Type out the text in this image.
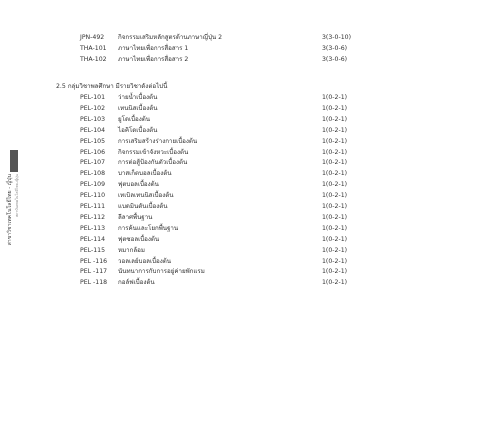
สาขาวิชาเทคโนโลยีไทย - ญี่ปุ่น สถาบันเทคโนโลยีไทย-ญี่ปุ่น
JPN-492 กิจกรรมเสริมหลักสูตรด้านภาษาญี่ปุ่น 2	3(3-0-10)
THA-101 ภาษาไทยเพื่อการสื่อสาร 1	3(3-0-6)
THA-102 ภาษาไทยเพื่อการสื่อสาร 2	3(3-0-6)
2.5 กลุ่มวิชาพลศึกษา มีรายวิชาดังต่อไปนี้
PEL-101 ว่ายน้ำเบื้องต้น	1(0-2-1)
PEL-102 เทนนิสเบื้องต้น	1(0-2-1)
PEL-103 ยูโดเบื้องต้น	1(0-2-1)
PEL-104 ไอคิโดเบื้องต้น	1(0-2-1)
PEL-105 การเสริมสร้างร่างกายเบื้องต้น	1(0-2-1)
PEL-106 กิจกรรมเข้าจังหวะเบื้องต้น	1(0-2-1)
PEL-107 การต่อสู้ป้องกันตัวเบื้องต้น	1(0-2-1)
PEL-108 บาสเก็ตบอลเบื้องต้น	1(0-2-1)
PEL-109 ฟุตบอลเบื้องต้น	1(0-2-1)
PEL-110 เทเบิลเทนนิสเบื้องต้น	1(0-2-1)
PEL-111 แบดมินตันเบื้องต้น	1(0-2-1)
PEL-112 ลีลาศพื้นฐาน	1(0-2-1)
PEL-113 การค้นและโยกพื้นฐาน	1(0-2-1)
PEL-114 ฟุตซอลเบื้องต้น	1(0-2-1)
PEL-115 หมากล้อม	1(0-2-1)
PEL -116 วอลเลย์บอลเบื้องต้น	1(0-2-1)
PEL -117 นันทนาการกับการอยู่ค่ายพักแรม	1(0-2-1)
PEL -118 กอล์ฟเบื้องต้น	1(0-2-1)
